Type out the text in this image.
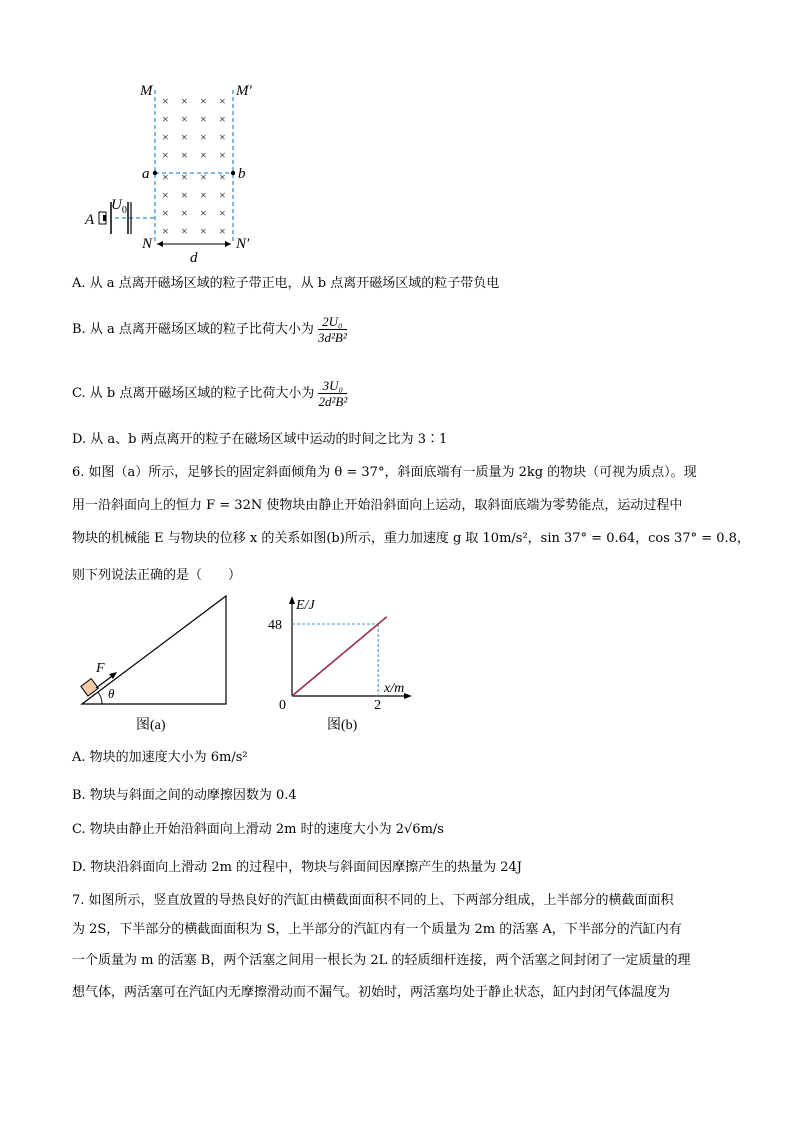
× × × ×
× × × ×
× × × ×
× × × ×
× × × ×
× × × ×
× × × ×
× × × ×
M	M′
a	b
A
$U_0$
N	N′
d
A. 从 a 点离开磁场区域的粒子带正电，从 b 点离开磁场区域的粒子带负电
B. 从 a 点离开磁场区域的粒子比荷大小为 $\frac{\text{2U₀}}{\text{3d²B²}}$
C. 从 b 点离开磁场区域的粒子比荷大小为 $\frac{\text{3U₀}}{\text{2d²B²}}$
D. 从 a、b 两点离开的粒子在磁场区域中运动的时间之比为 3∶1
6. 如图（a）所示，足够长的固定斜面倾角为 θ = 37°，斜面底端有一质量为 2kg 的物块（可视为质点）。现
用一沿斜面向上的恒力 F = 32N 使物块由静止开始沿斜面向上运动，取斜面底端为零势能点，运动过程中
物块的机械能 E 与物块的位移 x 的关系如图(b)所示，重力加速度 g 取 10m/s²，sin 37° = 0.64，cos 37° = 0.8，
则下列说法正确的是（　　）
F
θ
图(a)
48
2
E/J
x/m
0
图(b)
A. 物块的加速度大小为 6m/s²
B. 物块与斜面之间的动摩擦因数为 0.4
C. 物块由静止开始沿斜面向上滑动 2m 时的速度大小为 2√6m/s
D. 物块沿斜面向上滑动 2m 的过程中，物块与斜面间因摩擦产生的热量为 24J
7. 如图所示，竖直放置的导热良好的汽缸由横截面面积不同的上、下两部分组成，上半部分的横截面面积
为 2S，下半部分的横截面面积为 S，上半部分的汽缸内有一个质量为 2m 的活塞 A，下半部分的汽缸内有
一个质量为 m 的活塞 B，两个活塞之间用一根长为 2L 的轻质细杆连接，两个活塞之间封闭了一定质量的理
想气体，两活塞可在汽缸内无摩擦滑动而不漏气。初始时，两活塞均处于静止状态，缸内封闭气体温度为
